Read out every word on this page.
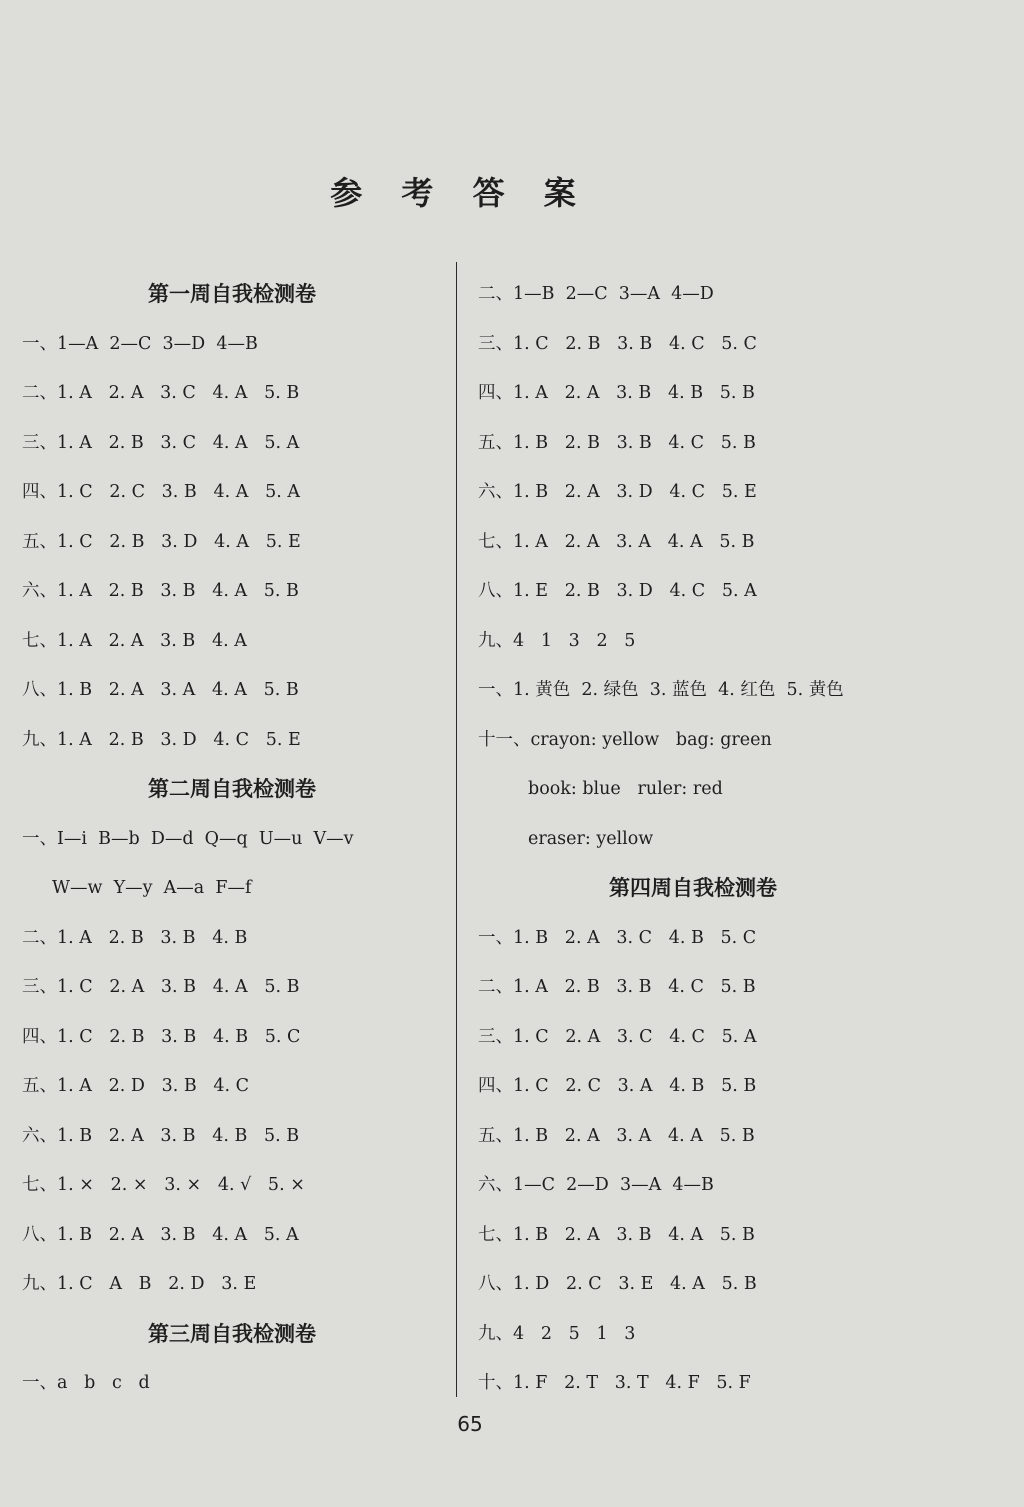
参 考 答 案
第一周自我检测卷
一、1—A  2—C  3—D  4—B
二、1. A   2. A   3. C   4. A   5. B
三、1. A   2. B   3. C   4. A   5. A
四、1. C   2. C   3. B   4. A   5. A
五、1. C   2. B   3. D   4. A   5. E
六、1. A   2. B   3. B   4. A   5. B
七、1. A   2. A   3. B   4. A
八、1. B   2. A   3. A   4. A   5. B
九、1. A   2. B   3. D   4. C   5. E
第二周自我检测卷
一、I—i  B—b  D—d  Q—q  U—u  V—v
W—w  Y—y  A—a  F—f
二、1. A   2. B   3. B   4. B
三、1. C   2. A   3. B   4. A   5. B
四、1. C   2. B   3. B   4. B   5. C
五、1. A   2. D   3. B   4. C
六、1. B   2. A   3. B   4. B   5. B
七、1. ×   2. ×   3. ×   4. √   5. ×
八、1. B   2. A   3. B   4. A   5. A
九、1. C   A   B   2. D   3. E
第三周自我检测卷
一、a   b   c   d
二、1—B  2—C  3—A  4—D
三、1. C   2. B   3. B   4. C   5. C
四、1. A   2. A   3. B   4. B   5. B
五、1. B   2. B   3. B   4. C   5. B
六、1. B   2. A   3. D   4. C   5. E
七、1. A   2. A   3. A   4. A   5. B
八、1. E   2. B   3. D   4. C   5. A
九、4   1   3   2   5
一、1. 黄色  2. 绿色  3. 蓝色  4. 红色  5. 黄色
十一、crayon: yellow   bag: green
book: blue   ruler: red
eraser: yellow
第四周自我检测卷
一、1. B   2. A   3. C   4. B   5. C
二、1. A   2. B   3. B   4. C   5. B
三、1. C   2. A   3. C   4. C   5. A
四、1. C   2. C   3. A   4. B   5. B
五、1. B   2. A   3. A   4. A   5. B
六、1—C  2—D  3—A  4—B
七、1. B   2. A   3. B   4. A   5. B
八、1. D   2. C   3. E   4. A   5. B
九、4   2   5   1   3
十、1. F   2. T   3. T   4. F   5. F
65
